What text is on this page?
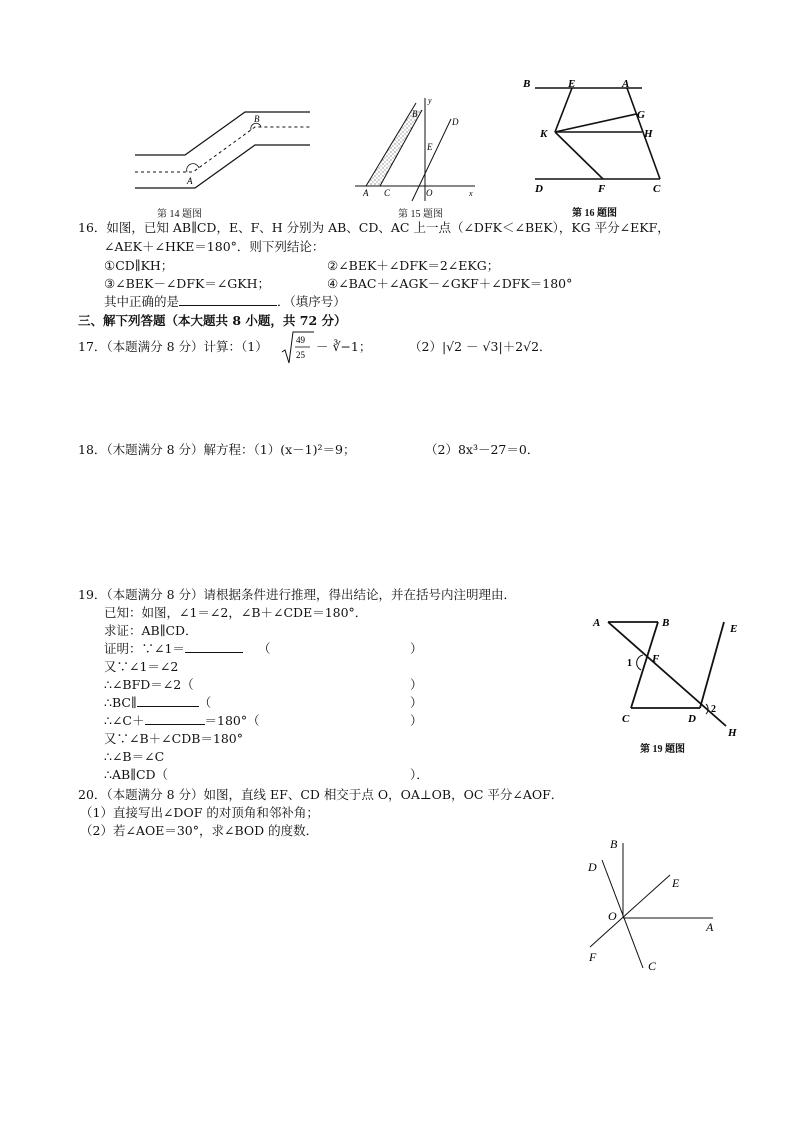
A
B
第 14 题图
y
B
D
E
A C	O	x
第 15 题图
B	E	A
G
H
K
D	F	C
第 16 题图
16．如图，已知 AB∥CD，E、F、H 分别为 AB、CD、AC 上一点（∠DFK＜∠BEK），KG 平分∠EKF，
∠AEK＋∠HKE＝180°．则下列结论：
①CD∥KH；	②∠BEK＋∠DFK＝2∠EKG；
③∠BEK－∠DFK＝∠GKH；	④∠BAC＋∠AGK－∠GKF＋∠DFK＝180°
其中正确的是	．（填序号）
三、解下列答题（本大题共 8 小题，共 72 分）
17．（本题满分 8 分）计算：（1）	49
25
－ ∛−1；	（2）|√2 － √3|＋2√2．
18．（木题满分 8 分）解方程：（1）(x－1)²＝9；	（2）8x³－27＝0．
19．（本题满分 8 分）请根据条件进行推理，得出结论，并在括号内注明理由．
已知：如图，∠1＝∠2，∠B＋∠CDE＝180°．
求证：AB∥CD．
证明：∵∠1＝	（	）
又∵∠1＝∠2
∴∠BFD＝∠2（	）
∴BC∥	（	）
∴∠C＋	＝180°（	）
又∵∠B＋∠CDB＝180°
∴∠B＝∠C
∴AB∥CD（	）．
A	B	E
F
1
2
C	D
H
第 19 题图
20．（本题满分 8 分）如图，直线 EF、CD 相交于点 O，OA⊥OB，OC 平分∠AOF．
（1）直接写出∠DOF 的对顶角和邻补角；
（2）若∠AOE＝30°，求∠BOD 的度数．
B
D
E
O
A
F
C
